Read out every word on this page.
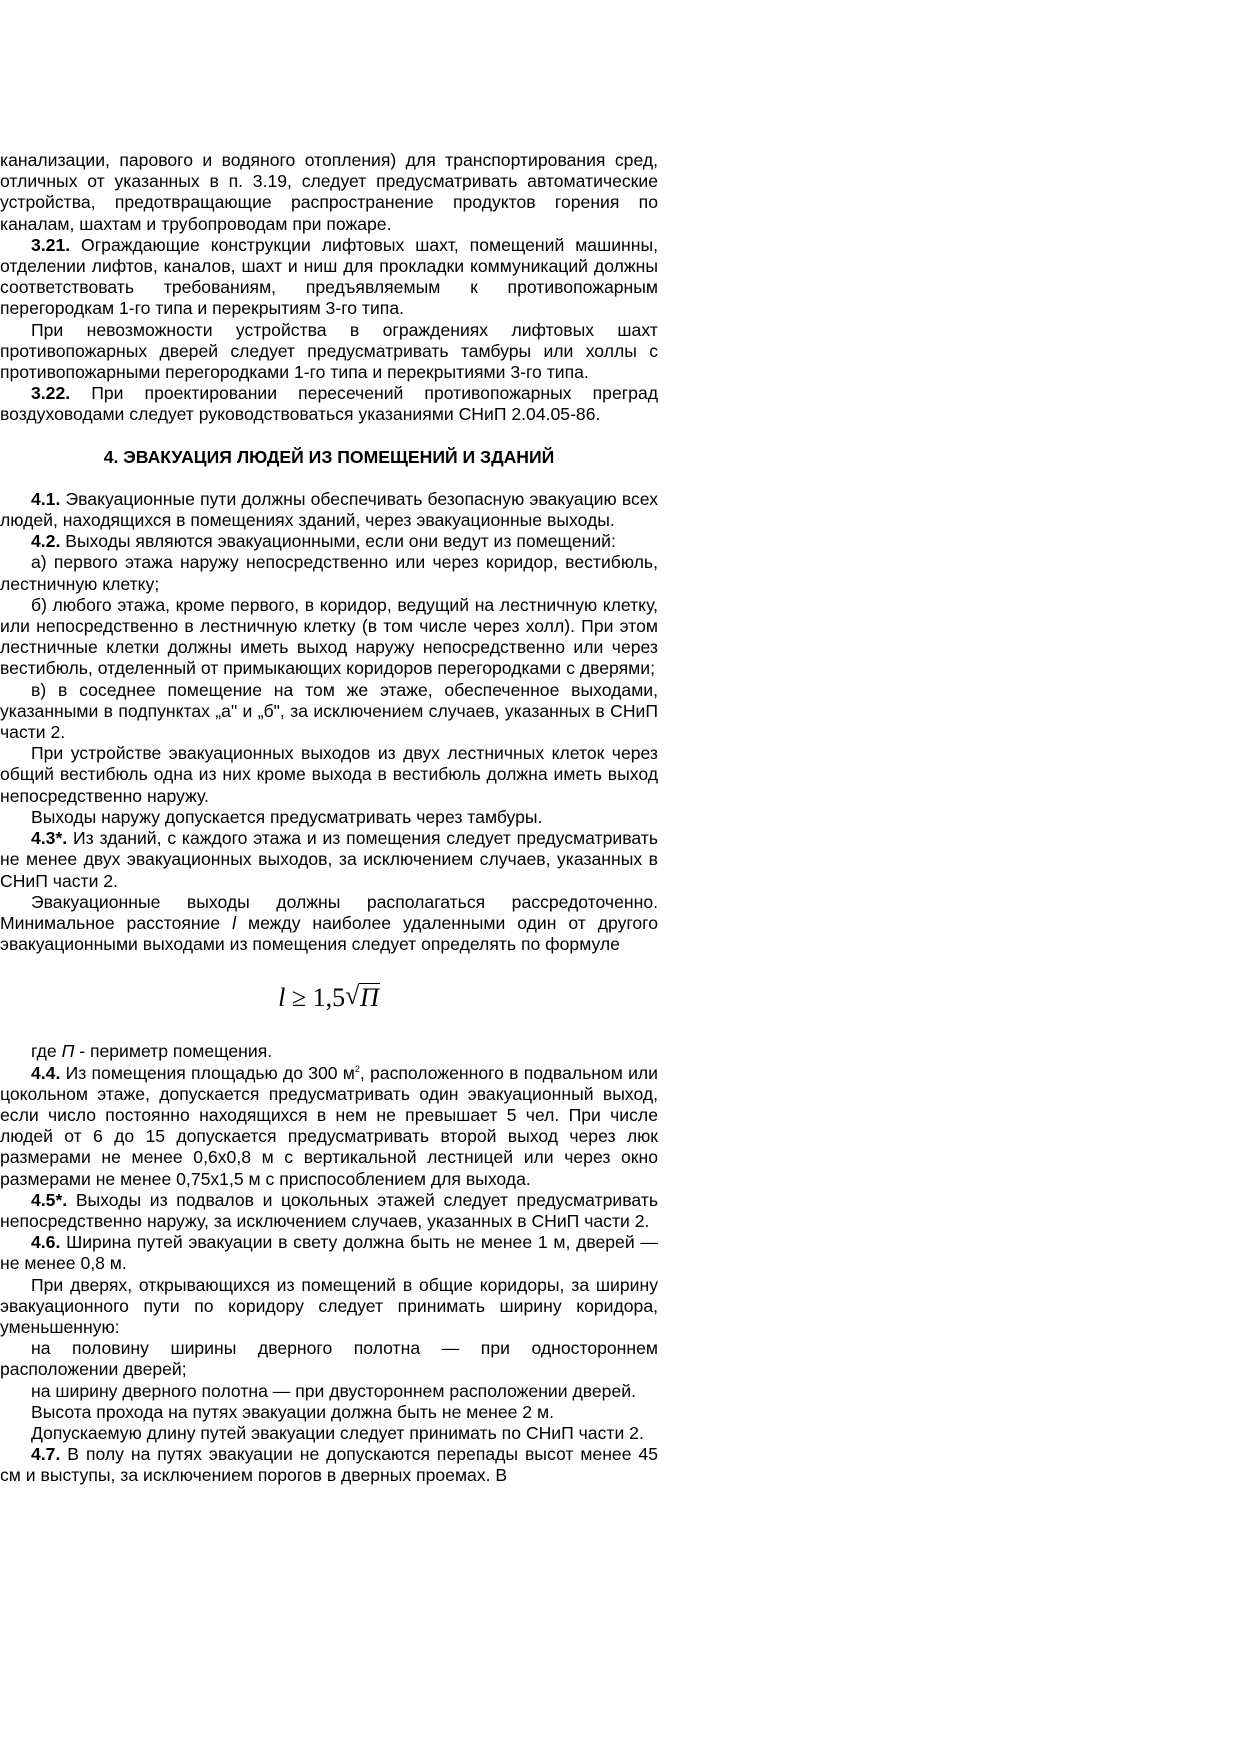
канализации, парового и водяного отопления) для транспортирования сред, отличных от указанных в п. 3.19, следует предусматривать автоматические устройства, предотвращающие распространение продуктов горения по каналам, шахтам и трубопроводам при пожаре.

3.21. Ограждающие конструкции лифтовых шахт, помещений машинны, отделении лифтов, каналов, шахт и ниш для прокладки коммуникаций должны соответствовать требованиям, предъявляемым к противопожарным перегородкам 1-го типа и перекрытиям 3-го типа.

При невозможности устройства в ограждениях лифтовых шахт противопожарных дверей следует предусматривать тамбуры или холлы с противопожарными перегородками 1-го типа и перекрытиями 3-го типа.

3.22. При проектировании пересечений противопожарных преград воздуховодами следует руководствоваться указаниями СНиП 2.04.05-86.

4. ЭВАКУАЦИЯ ЛЮДЕЙ ИЗ ПОМЕЩЕНИЙ И ЗДАНИЙ

4.1. Эвакуационные пути должны обеспечивать безопасную эвакуацию всех людей, находящихся в помещениях зданий, через эвакуационные выходы.

4.2. Выходы являются эвакуационными, если они ведут из помещений:

а) первого этажа наружу непосредственно или через коридор, вестибюль, лестничную клетку;

б) любого этажа, кроме первого, в коридор, ведущий на лестничную клетку, или непосредственно в лестничную клетку (в том числе через холл). При этом лестничные клетки должны иметь выход наружу непосредственно или через вестибюль, отделенный от примыкающих коридоров перегородками с дверями;

в) в соседнее помещение на том же этаже, обеспеченное выходами, указанными в подпунктах „а" и „б", за исключением случаев, указанных в СНиП части 2.

При устройстве эвакуационных выходов из двух лестничных клеток через общий вестибюль одна из них кроме выхода в вестибюль должна иметь выход непосредственно наружу.

Выходы наружу допускается предусматривать через тамбуры.

4.3*. Из зданий, с каждого этажа и из помещения следует предусматривать не менее двух эвакуационных выходов, за исключением случаев, указанных в СНиП части 2.

Эвакуационные выходы должны располагаться рассредоточенно. Минимальное расстояние l между наиболее удаленными один от другого эвакуационными выходами из помещения следует определять по формуле

l ≥ 1,5 √ П

где П - периметр помещения.

4.4. Из помещения площадью до 300 $м^2$, расположенного в подвальном или цокольном этаже, допускается предусматривать один эвакуационный выход, если число постоянно находящихся в нем не превышает 5 чел. При числе людей от 6 до 15 допускается предусматривать второй выход через люк размерами не менее 0,6х0,8 м с вертикальной лестницей или через окно размерами не менее 0,75х1,5 м с приспособлением для выхода.

4.5*. Выходы из подвалов и цокольных этажей следует предусматривать непосредственно наружу, за исключением случаев, указанных в СНиП части 2.

4.6. Ширина путей эвакуации в свету должна быть не менее 1 м, дверей — не менее 0,8 м.

При дверях, открывающихся из помещений в общие коридоры, за ширину эвакуационного пути по коридору следует принимать ширину коридора, уменьшенную:

на половину ширины дверного полотна — при одностороннем расположении дверей;

на ширину дверного полотна — при двустороннем расположении дверей.

Высота прохода на путях эвакуации должна быть не менее 2 м.

Допускаемую длину путей эвакуации следует принимать по СНиП части 2.

4.7. В полу на путях эвакуации не допускаются перепады высот менее 45 см и выступы, за исключением порогов в дверных проемах. В
